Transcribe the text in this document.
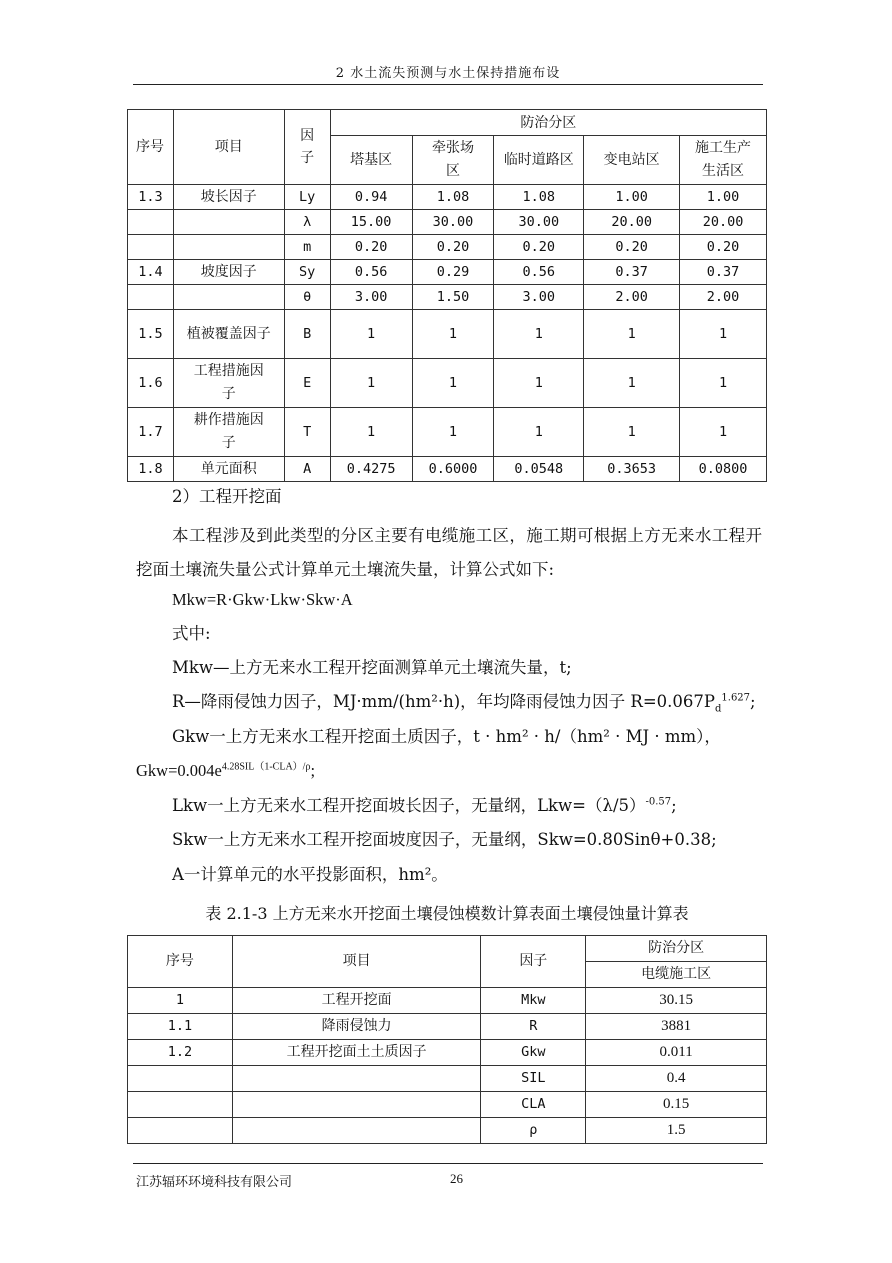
2 水土流失预测与水土保持措施布设
序号	项目	因子	防治分区				
			塔基区	牵张场区	临时道路区	变电站区	施工生产生活区
1.3	坡长因子	Ly	0.94	1.08	1.08	1.00	1.00
		λ	15.00	30.00	30.00	20.00	20.00
		m	0.20	0.20	0.20	0.20	0.20
1.4	坡度因子	Sy	0.56	0.29	0.56	0.37	0.37
		θ	3.00	1.50	3.00	2.00	2.00
1.5	植被覆盖因子	B	1	1	1	1	1
1.6	工程措施因子	E	1	1	1	1	1
1.7	耕作措施因子	T	1	1	1	1	1
1.8	单元面积	A	0.4275	0.6000	0.0548	0.3653	0.0800
2）工程开挖面
本工程涉及到此类型的分区主要有电缆施工区，施工期可根据上方无来水工程开挖面土壤流失量公式计算单元土壤流失量，计算公式如下:
Mkw=R·Gkw·Lkw·Skw·A
式中:
Mkw—上方无来水工程开挖面测算单元土壤流失量，t;
R—降雨侵蚀力因子，MJ·mm/(hm²·h)，年均降雨侵蚀力因子 $R=0.067P_d^{1.627}$;
Gkw一上方无来水工程开挖面土质因子，t · hm² · h/（hm² · MJ · mm），
$Gkw=0.004e^{4.28SIL(1-CLA)/\rho}$;
Lkw一上方无来水工程开挖面坡长因子，无量纲，$Lkw=(\lambda/5)^{-0.57}$;
Skw一上方无来水工程开挖面坡度因子，无量纲，Skw=0.80Sinθ+0.38;
A一计算单元的水平投影面积，hm²。
表 2.1-3 上方无来水开挖面土壤侵蚀模数计算表面土壤侵蚀量计算表
序号	项目	因子	防治分区
			电缆施工区
1	工程开挖面	Mkw	30.15
1.1	降雨侵蚀力	R	3881
1.2	工程开挖面土土质因子	Gkw	0.011
		SIL	0.4
		CLA	0.15
		ρ	1.5
江苏辐环环境科技有限公司	26
